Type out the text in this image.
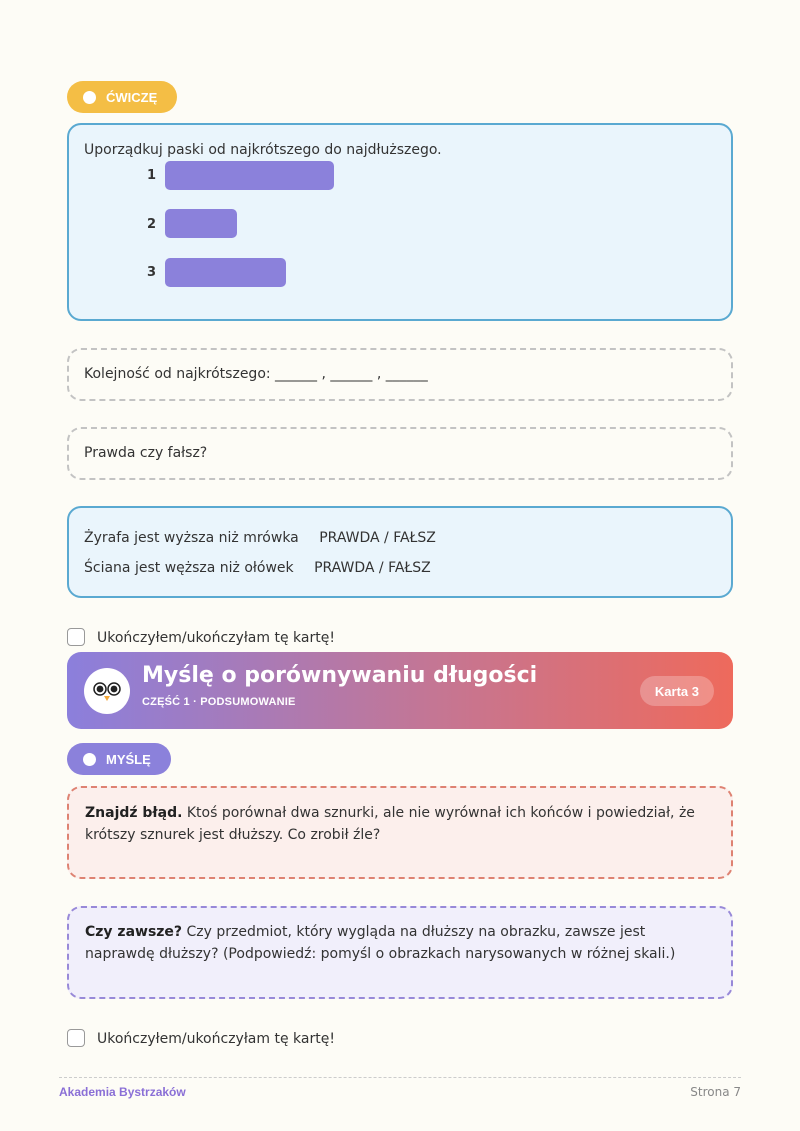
ĆWICZĘ
Uporządkuj paski od najkrótszego do najdłuższego.
1
2
3
Kolejność od najkrótszego: ______ , ______ , ______
Prawda czy fałsz?
Żyrafa jest wyższa niż mrówka PRAWDA / FAŁSZ
Ściana jest węższa niż ołówek PRAWDA / FAŁSZ
Ukończyłem/ukończyłam tę kartę!
Myślę o porównywaniu długości
CZĘŚĆ 1 · PODSUMOWANIE
Karta 3
MYŚLĘ
Znajdź błąd. Ktoś porównał dwa sznurki, ale nie wyrównał ich końców i powiedział, że krótszy sznurek jest dłuższy. Co zrobił źle?
Czy zawsze? Czy przedmiot, który wygląda na dłuższy na obrazku, zawsze jest naprawdę dłuższy? (Podpowiedź: pomyśl o obrazkach narysowanych w różnej skali.)
Ukończyłem/ukończyłam tę kartę!
Akademia Bystrzaków	Strona 7
